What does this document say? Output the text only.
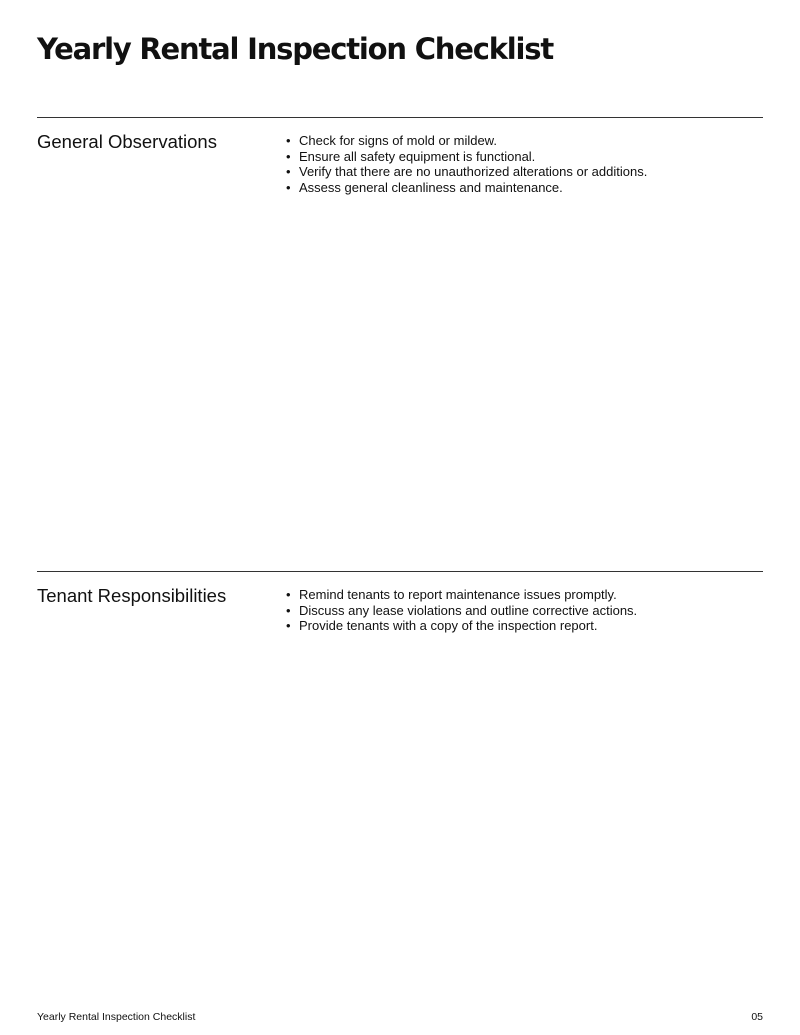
Yearly Rental Inspection Checklist
General Observations	• Check for signs of mold or mildew.
• Ensure all safety equipment is functional.
• Verify that there are no unauthorized alterations or additions.
• Assess general cleanliness and maintenance.
Tenant Responsibilities	• Remind tenants to report maintenance issues promptly.
• Discuss any lease violations and outline corrective actions.
• Provide tenants with a copy of the inspection report.
Yearly Rental Inspection Checklist	05
